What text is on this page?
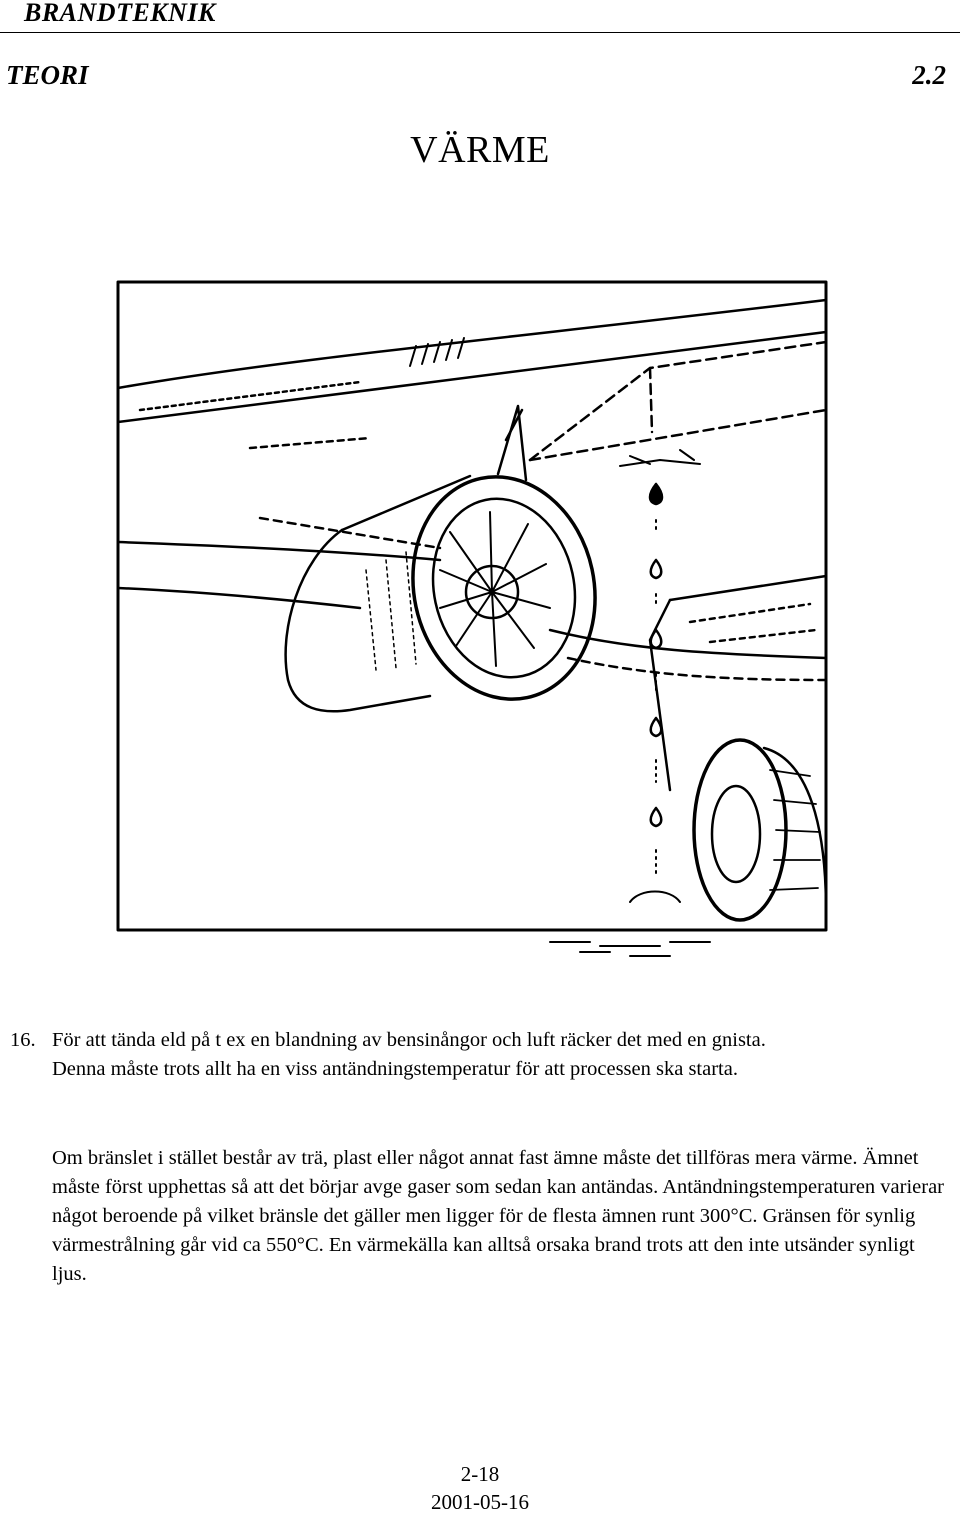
BRANDTEKNIK
TEORI	2.2
VÄRME
16. För att tända eld på t ex en blandning av bensinångor och luft räcker det med en gnista.
Denna måste trots allt ha en viss antändningstemperatur för att processen ska starta.
Om bränslet i stället består av trä, plast eller något annat fast ämne måste det tillföras mera värme. Ämnet måste först upphettas så att det börjar avge gaser som sedan kan antändas. Antändningstemperaturen varierar något beroende på vilket bränsle det gäller men ligger för de flesta ämnen runt 300°C. Gränsen för synlig värmestrålning går vid ca 550°C. En värmekälla kan alltså orsaka brand trots att den inte utsänder synligt ljus.
2-18
2001-05-16
